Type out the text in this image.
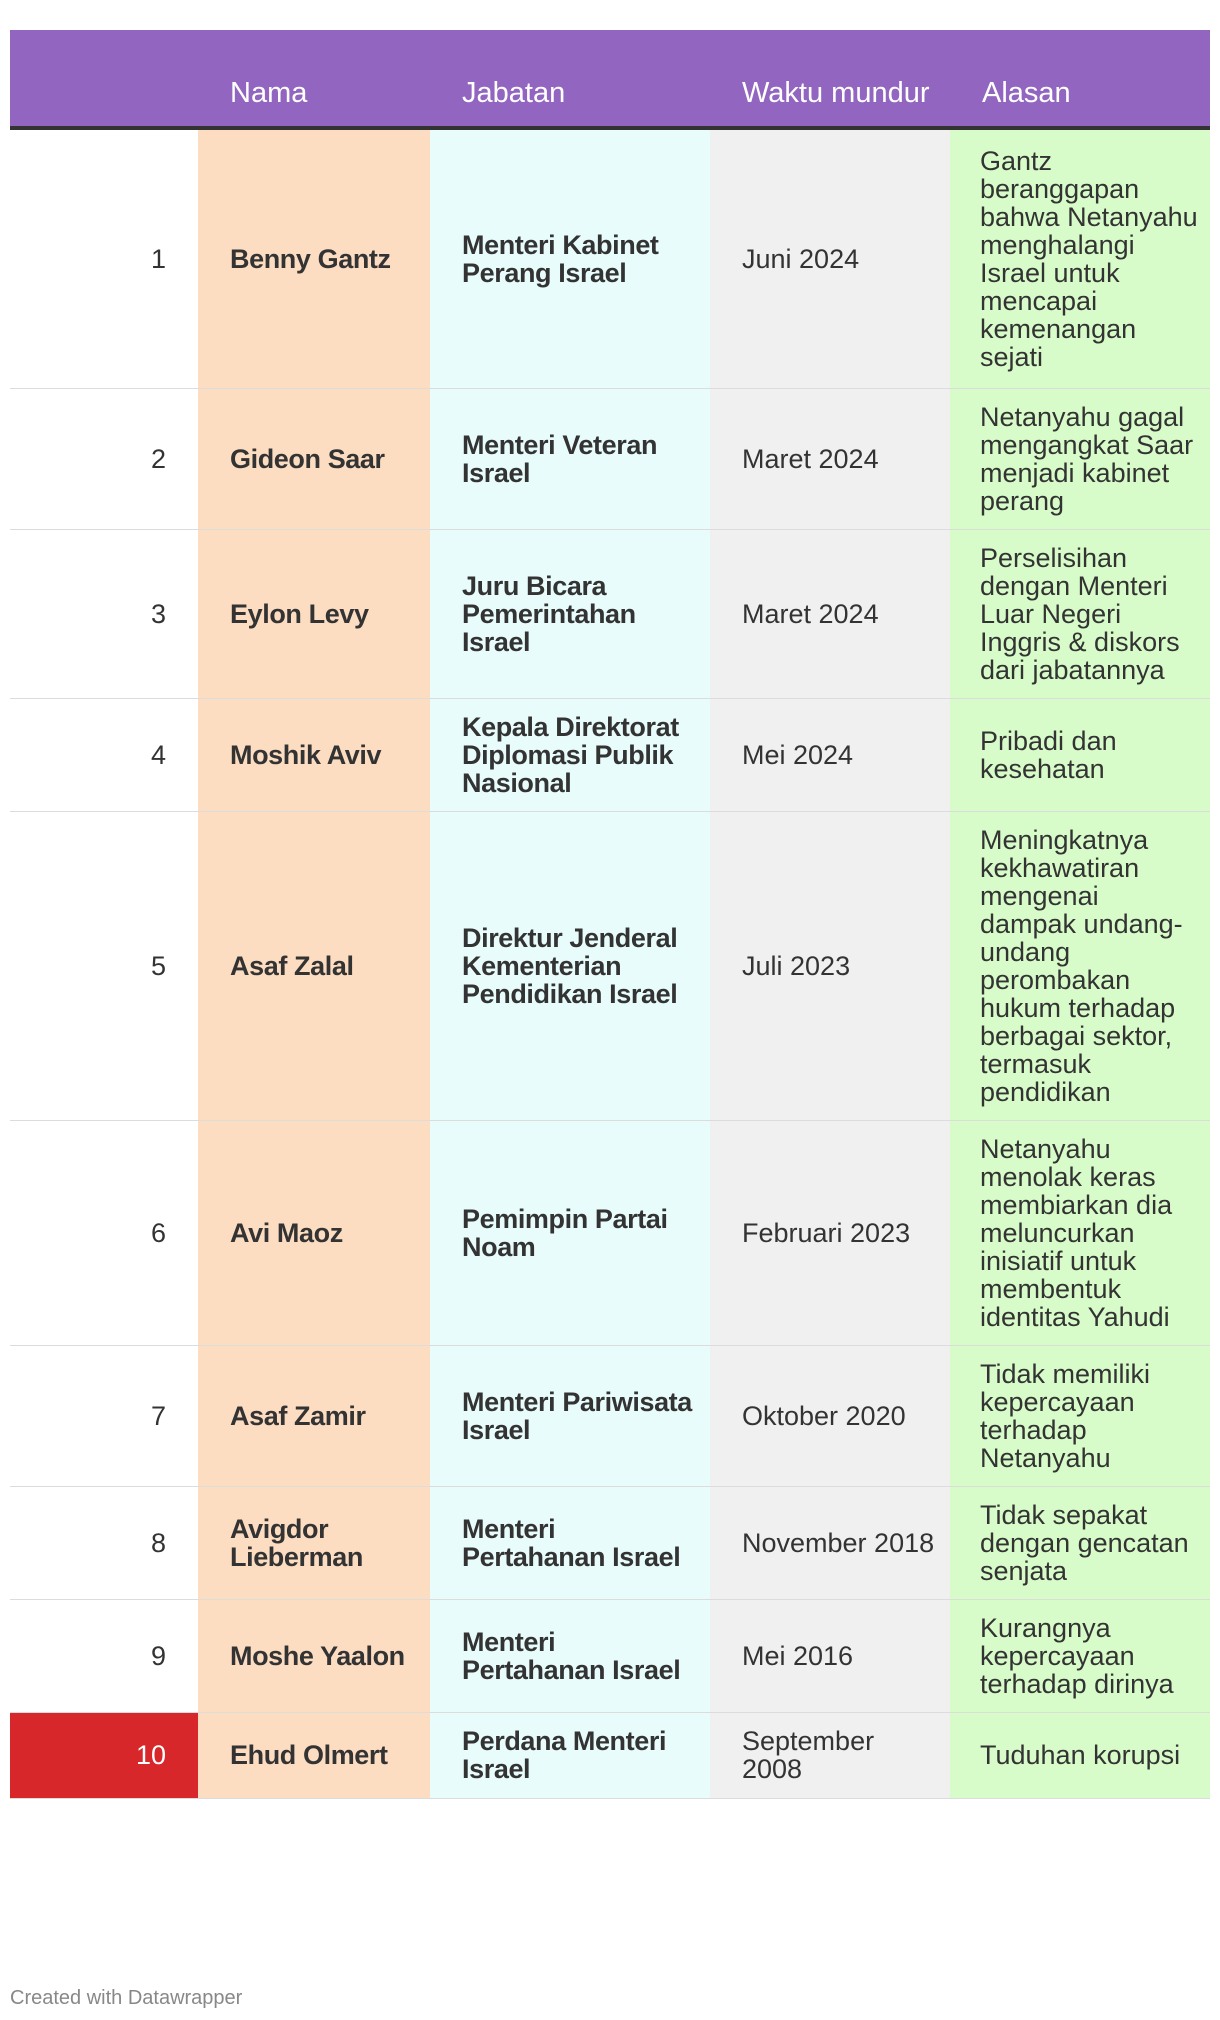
	Nama	Jabatan	Waktu mundur	Alasan
1	Benny Gantz	Menteri Kabinet Perang Israel	Juni 2024	Gantz beranggapan bahwa Netanyahu menghalangi Israel untuk mencapai kemenangan sejati
2	Gideon Saar	Menteri Veteran Israel	Maret 2024	Netanyahu gagal mengangkat Saar menjadi kabinet perang
3	Eylon Levy	Juru Bicara Pemerintahan Israel	Maret 2024	Perselisihan dengan Menteri Luar Negeri Inggris & diskors dari jabatannya
4	Moshik Aviv	Kepala Direktorat Diplomasi Publik Nasional	Mei 2024	Pribadi dan kesehatan
5	Asaf Zalal	Direktur Jenderal Kementerian Pendidikan Israel	Juli 2023	Meningkatnya kekhawatiran mengenai dampak undang-undang perombakan hukum terhadap berbagai sektor, termasuk pendidikan
6	Avi Maoz	Pemimpin Partai Noam	Februari 2023	Netanyahu menolak keras membiarkan dia meluncurkan inisiatif untuk membentuk identitas Yahudi
7	Asaf Zamir	Menteri Pariwisata Israel	Oktober 2020	Tidak memiliki kepercayaan terhadap Netanyahu
8	Avigdor Lieberman	Menteri Pertahanan Israel	November 2018	Tidak sepakat dengan gencatan senjata
9	Moshe Yaalon	Menteri Pertahanan Israel	Mei 2016	Kurangnya kepercayaan terhadap dirinya
10	Ehud Olmert	Perdana Menteri Israel	September 2008	Tuduhan korupsi
Created with Datawrapper
